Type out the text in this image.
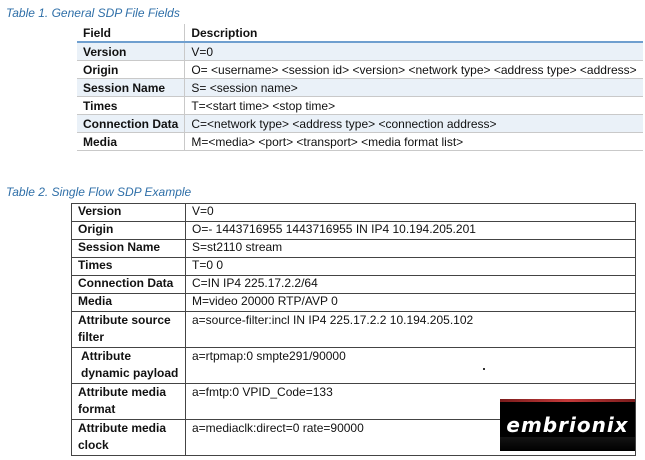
Table 1. General SDP File Fields
Field	Description
Version	V=0
Origin	O= <username> <session id> <version> <network type> <address type> <address>
Session Name	S= <session name>
Times	T=<start time> <stop time>
Connection Data	C=<network type> <address type> <connection address>
Media	M=<media> <port> <transport> <media format list>
Table 2. Single Flow SDP Example
Version	V=0
Origin	O=- 1443716955 1443716955 IN IP4 10.194.205.201
Session Name	S=st2110 stream
Times	T=0 0
Connection Data	C=IN IP4 225.17.2.2/64
Media	M=video 20000 RTP/AVP 0
Attribute source filter	a=source-filter:incl IN IP4 225.17.2.2 10.194.205.102
Attribute dynamic payload	a=rtpmap:0 smpte291/90000
Attribute media format	a=fmtp:0 VPID_Code=133
Attribute media clock	a=mediaclk:direct=0 rate=90000	embrionix
